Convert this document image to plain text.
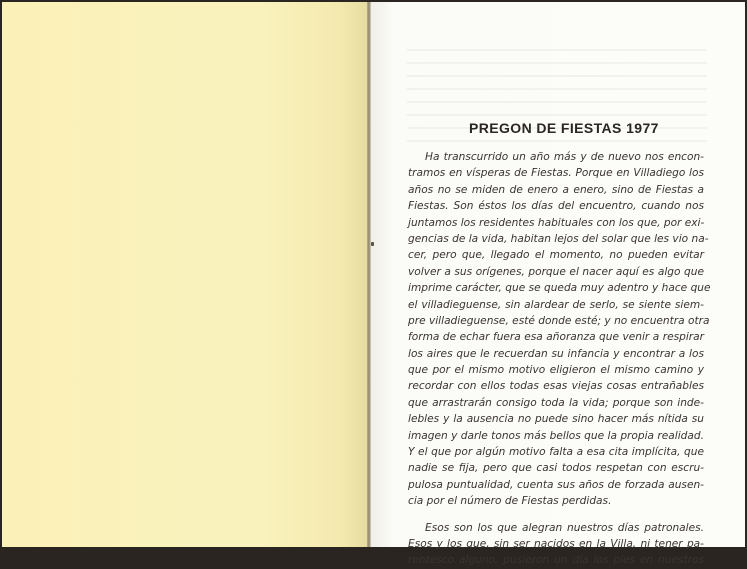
PREGON DE FIESTAS 1977

Ha transcurrido un año más y de nuevo nos encon-
tramos en vísperas de Fiestas. Porque en Villadiego los
años no se miden de enero a enero, sino de Fiestas a
Fiestas. Son éstos los días del encuentro, cuando nos
juntamos los residentes habituales con los que, por exi-
gencias de la vida, habitan lejos del solar que les vio na-
cer, pero que, llegado el momento, no pueden evitar
volver a sus orígenes, porque el nacer aquí es algo que
imprime carácter, que se queda muy adentro y hace que
el villadieguense, sin alardear de serlo, se siente siem-
pre villadieguense, esté donde esté; y no encuentra otra
forma de echar fuera esa añoranza que venir a respirar
los aires que le recuerdan su infancia y encontrar a los
que por el mismo motivo eligieron el mismo camino y
recordar con ellos todas esas viejas cosas entrañables
que arrastrarán consigo toda la vida; porque son inde-
lebles y la ausencia no puede sino hacer más nítida su
imagen y darle tonos más bellos que la propia realidad.
Y el que por algún motivo falta a esa cita implícita, que
nadie se fija, pero que casi todos respetan con escru-
pulosa puntualidad, cuenta sus años de forzada ausen-
cia por el número de Fiestas perdidas.

Esos son los que alegran nuestros días patronales.
Esos y los que, sin ser nacidos en la Villa, ni tener pa-
rentesco alguno, pusieron un día los pies en nuestros
